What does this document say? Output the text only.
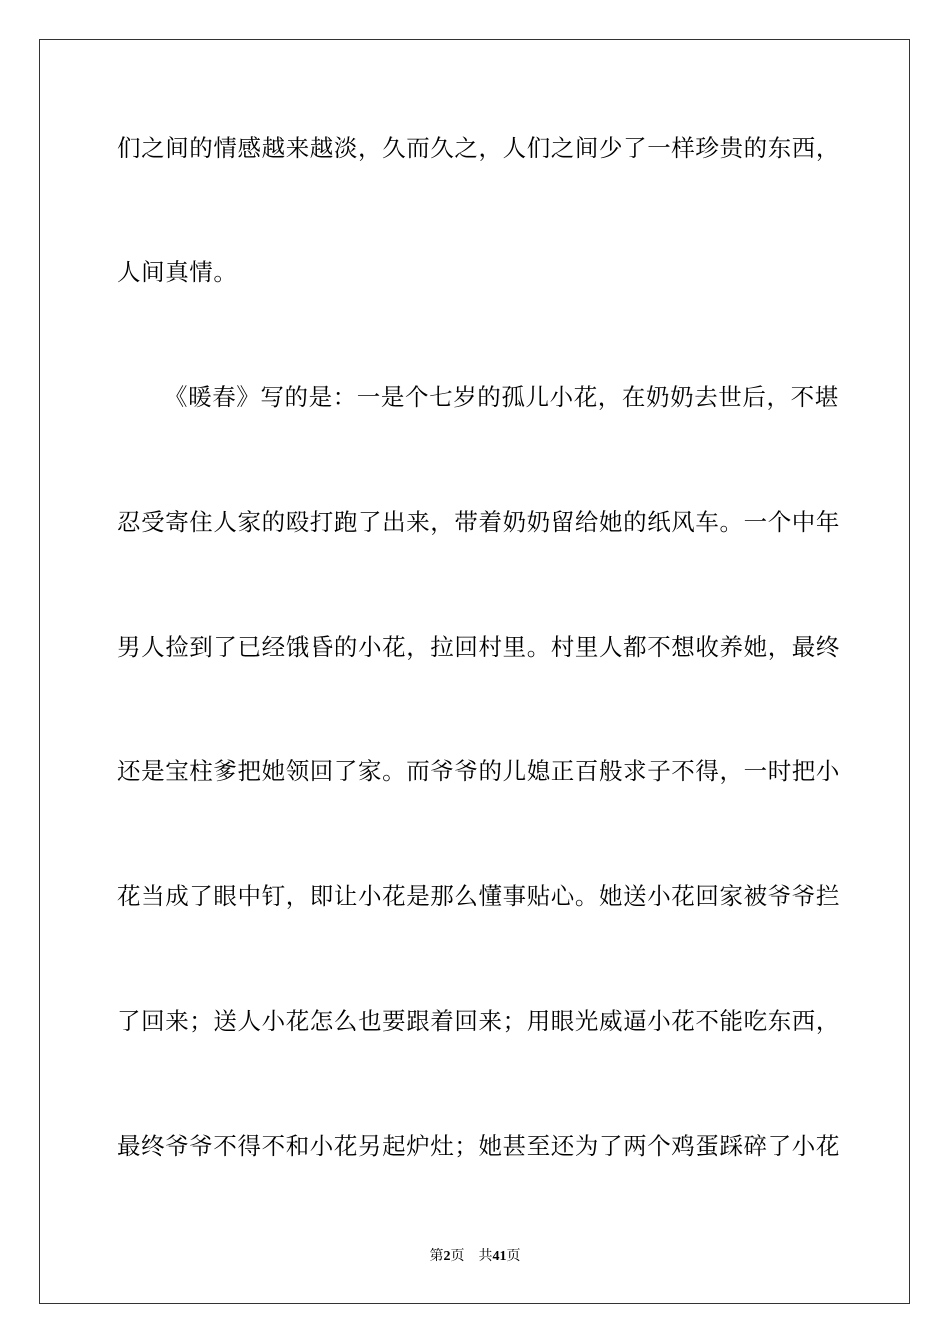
们之间的情感越来越淡，久而久之，人们之间少了一样珍贵的东西，
人间真情。
《暖春》写的是：一是个七岁的孤儿小花，在奶奶去世后，不堪
忍受寄住人家的殴打跑了出来，带着奶奶留给她的纸风车。一个中年
男人捡到了已经饿昏的小花，拉回村里。村里人都不想收养她，最终
还是宝柱爹把她领回了家。而爷爷的儿媳正百般求子不得，一时把小
花当成了眼中钉，即让小花是那么懂事贴心。她送小花回家被爷爷拦
了回来；送人小花怎么也要跟着回来；用眼光威逼小花不能吃东西，
最终爷爷不得不和小花另起炉灶；她甚至还为了两个鸡蛋踩碎了小花
第2页 共41页
